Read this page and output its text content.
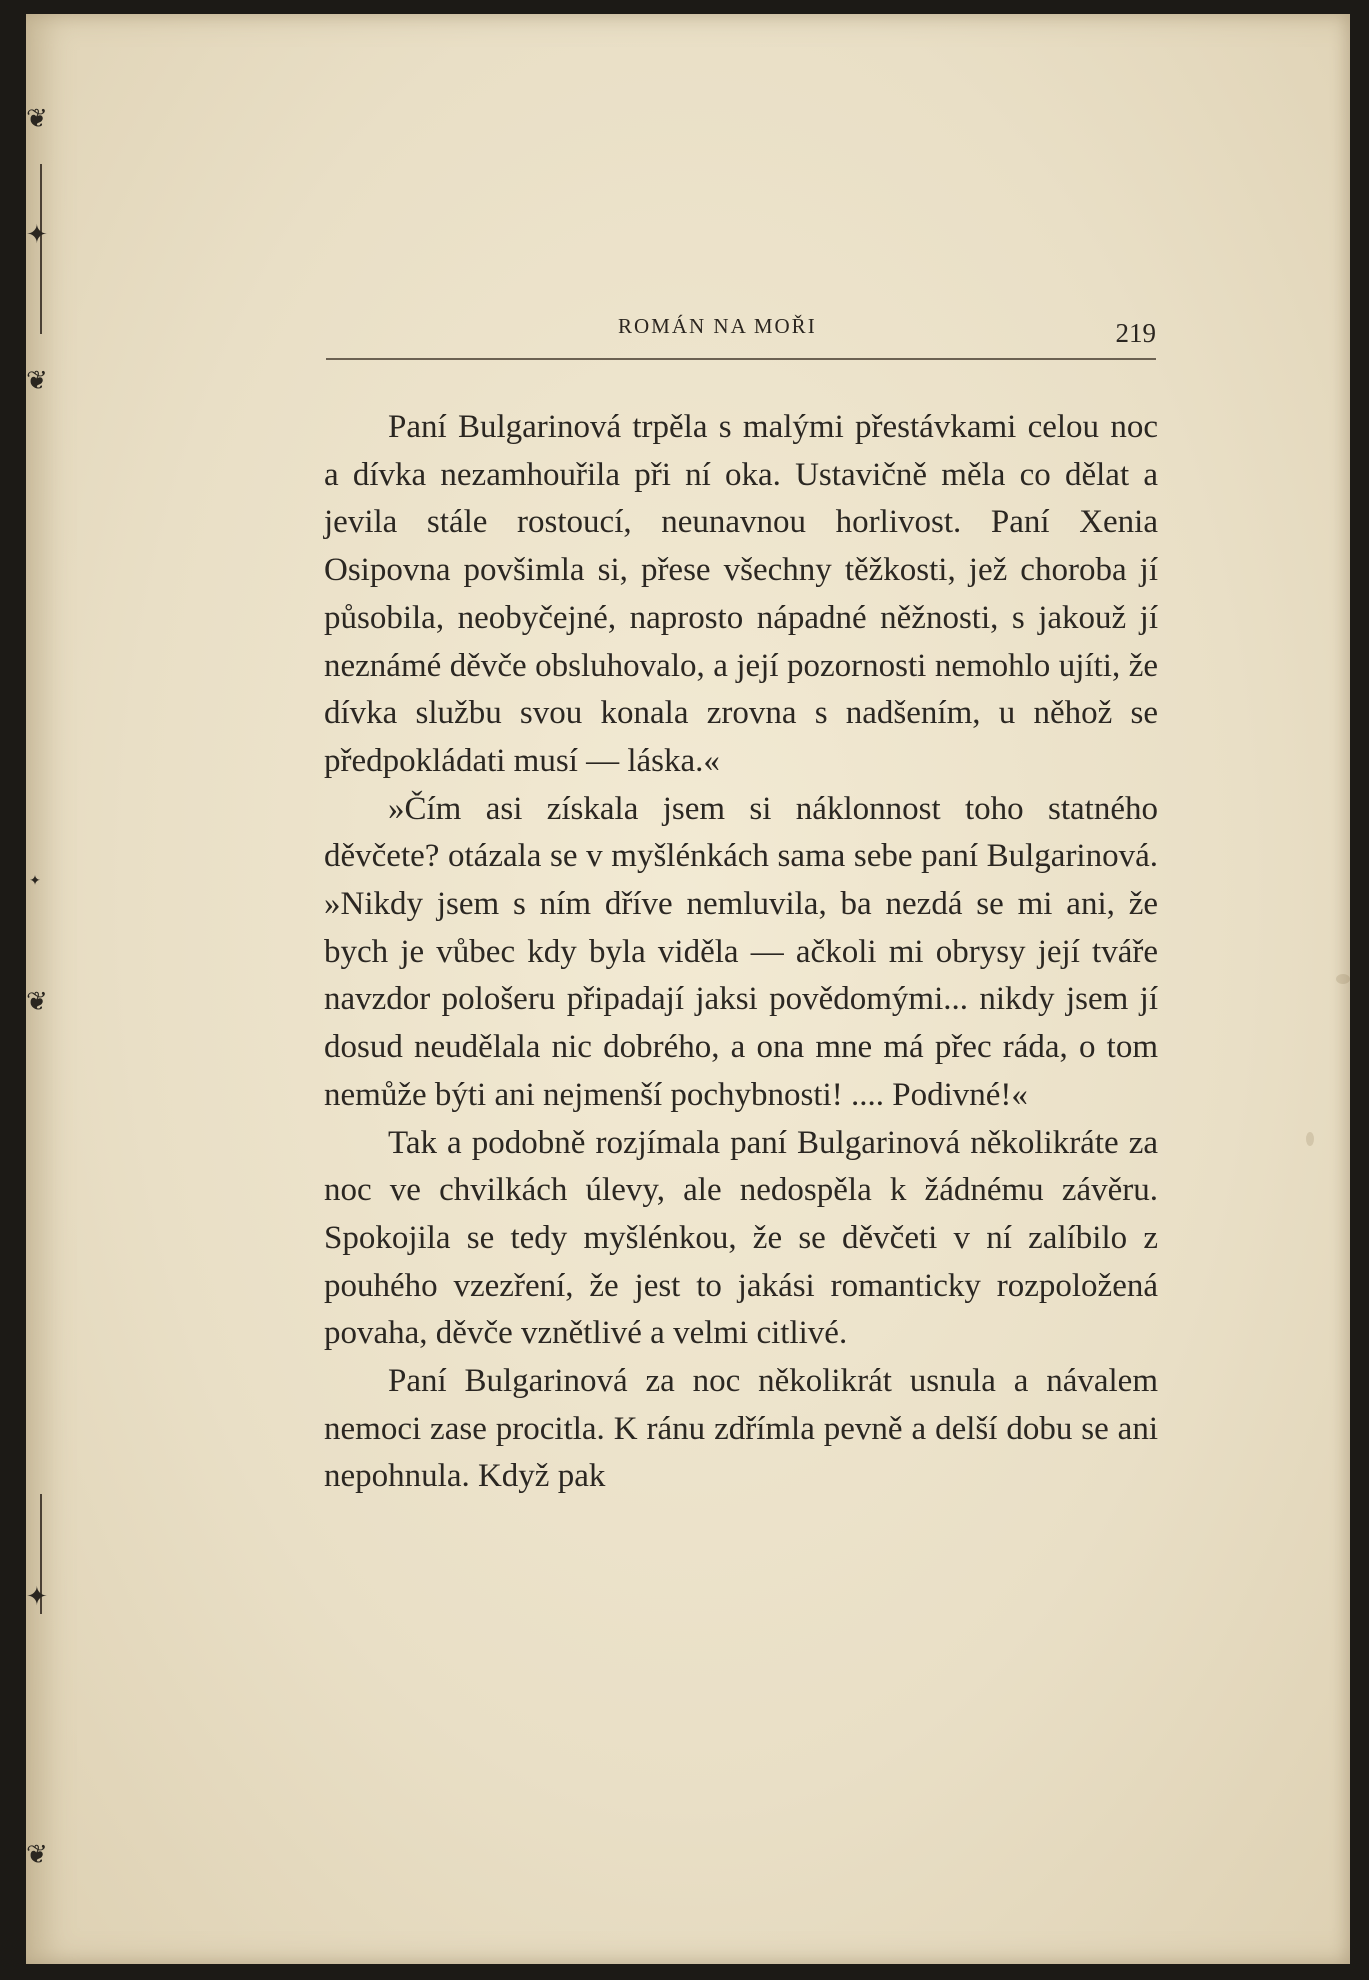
❦
✦
❦
✦
❦
✦
❦
ROMÁN NA MOŘI	219

Paní Bulgarinová trpěla s malými přestávkami celou noc a dívka nezamhouřila při ní oka. Ustavičně měla co dělat a jevila stále rostoucí, neunavnou horlivost. Paní Xenia Osipovna povšimla si, přese všechny těžkosti, jež choroba jí působila, neobyčejné, naprosto nápadné něžnosti, s jakouž jí neznámé děvče obsluhovalo, a její pozornosti nemohlo ujíti, že dívka službu svou konala zrovna s nadšením, u něhož se předpokládati musí — láska.«

»Čím asi získala jsem si náklonnost toho statného děvčete? otázala se v myšlénkách sama sebe paní Bulgarinová. »Nikdy jsem s ním dříve nemluvila, ba nezdá se mi ani, že bych je vůbec kdy byla viděla — ačkoli mi obrysy její tváře navzdor pološeru připadají jaksi povědomými... nikdy jsem jí dosud neudělala nic dobrého, a ona mne má přec ráda, o tom nemůže býti ani nejmenší pochybnosti! .... Podivné!«

Tak a podobně rozjímala paní Bulgarinová několikráte za noc ve chvilkách úlevy, ale nedospěla k žádnému závěru. Spokojila se tedy myšlénkou, že se děvčeti v ní zalíbilo z pouhého vzezření, že jest to jakási romanticky rozpoložená povaha, děvče vznětlivé a velmi citlivé.

Paní Bulgarinová za noc několikrát usnula a návalem nemoci zase procitla. K ránu zdřímla pevně a delší dobu se ani nepohnula. Když pak
